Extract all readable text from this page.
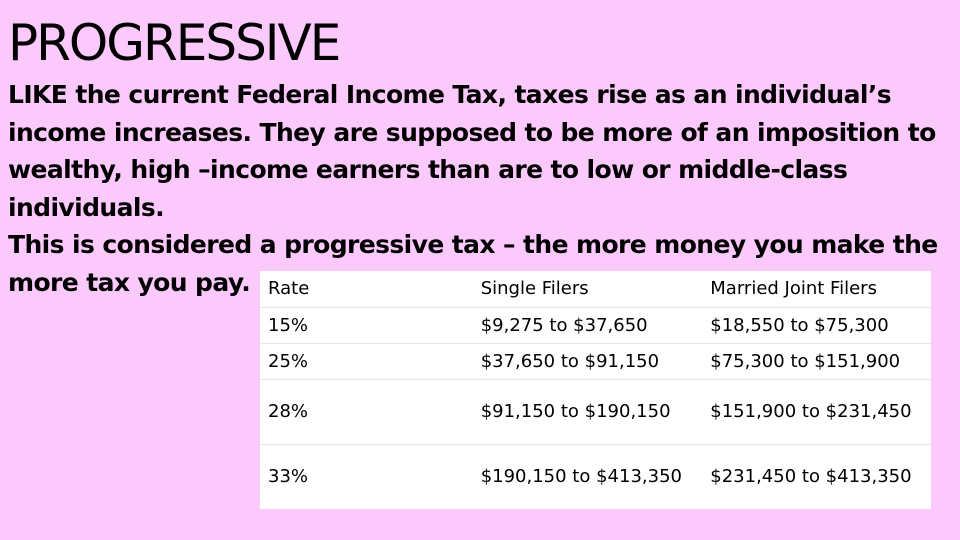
PROGRESSIVE

LIKE the current Federal Income Tax, taxes rise as an individual’s income increases. They are supposed to be more of an imposition to wealthy, high –income earners than are to low or middle-class individuals.

This is considered a progressive tax – the more money you make the more tax you pay. Rate	Single Filers	Married Joint Filers
15%	$9,275 to $37,650	$18,550 to $75,300
25%	$37,650 to $91,150	$75,300 to $151,900
28%	$91,150 to $190,150	$151,900 to $231,450
33%	$190,150 to $413,350	$231,450 to $413,350
